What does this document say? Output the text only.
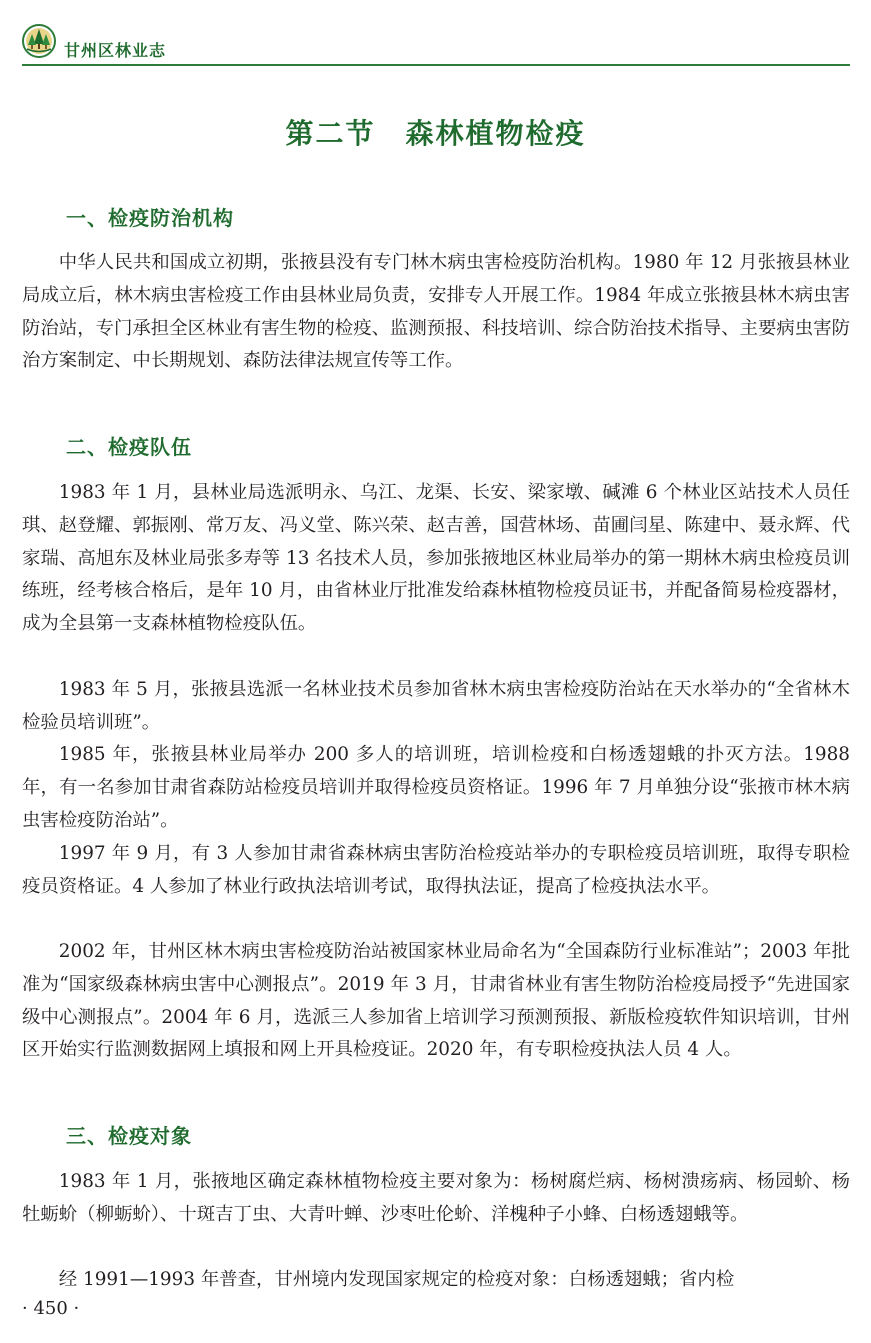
甘州区林业志
第二节　森林植物检疫
一、检疫防治机构

中华人民共和国成立初期，张掖县没有专门林木病虫害检疫防治机构。1980 年 12 月张掖县林业局成立后，林木病虫害检疫工作由县林业局负责，安排专人开展工作。1984 年成立张掖县林木病虫害防治站，专门承担全区林业有害生物的检疫、监测预报、科技培训、综合防治技术指导、主要病虫害防治方案制定、中长期规划、森防法律法规宣传等工作。

二、检疫队伍

1983 年 1 月，县林业局选派明永、乌江、龙渠、长安、梁家墩、碱滩 6 个林业区站技术人员任琪、赵登耀、郭振刚、常万友、冯义堂、陈兴荣、赵吉善，国营林场、苗圃闫星、陈建中、聂永辉、代家瑞、高旭东及林业局张多寿等 13 名技术人员，参加张掖地区林业局举办的第一期林木病虫检疫员训练班，经考核合格后，是年 10 月，由省林业厅批准发给森林植物检疫员证书，并配备简易检疫器材，成为全县第一支森林植物检疫队伍。

1983 年 5 月，张掖县选派一名林业技术员参加省林木病虫害检疫防治站在天水举办的“全省林木检验员培训班”。

1985 年，张掖县林业局举办 200 多人的培训班，培训检疫和白杨透翅蛾的扑灭方法。1988 年，有一名参加甘肃省森防站检疫员培训并取得检疫员资格证。1996 年 7 月单独分设“张掖市林木病虫害检疫防治站”。

1997 年 9 月，有 3 人参加甘肃省森林病虫害防治检疫站举办的专职检疫员培训班，取得专职检疫员资格证。4 人参加了林业行政执法培训考试，取得执法证，提高了检疫执法水平。

2002 年，甘州区林木病虫害检疫防治站被国家林业局命名为“全国森防行业标准站”；2003 年批准为“国家级森林病虫害中心测报点”。2019 年 3 月，甘肃省林业有害生物防治检疫局授予“先进国家级中心测报点”。2004 年 6 月，选派三人参加省上培训学习预测预报、新版检疫软件知识培训，甘州区开始实行监测数据网上填报和网上开具检疫证。2020 年，有专职检疫执法人员 4 人。

三、检疫对象

1983 年 1 月，张掖地区确定森林植物检疫主要对象为：杨树腐烂病、杨树溃疡病、杨园蚧、杨牡蛎蚧（柳蛎蚧）、十斑吉丁虫、大青叶蝉、沙枣吐伦蚧、洋槐种子小蜂、白杨透翅蛾等。

经 1991—1993 年普查，甘州境内发现国家规定的检疫对象：白杨透翅蛾；省内检

· 450 ·
